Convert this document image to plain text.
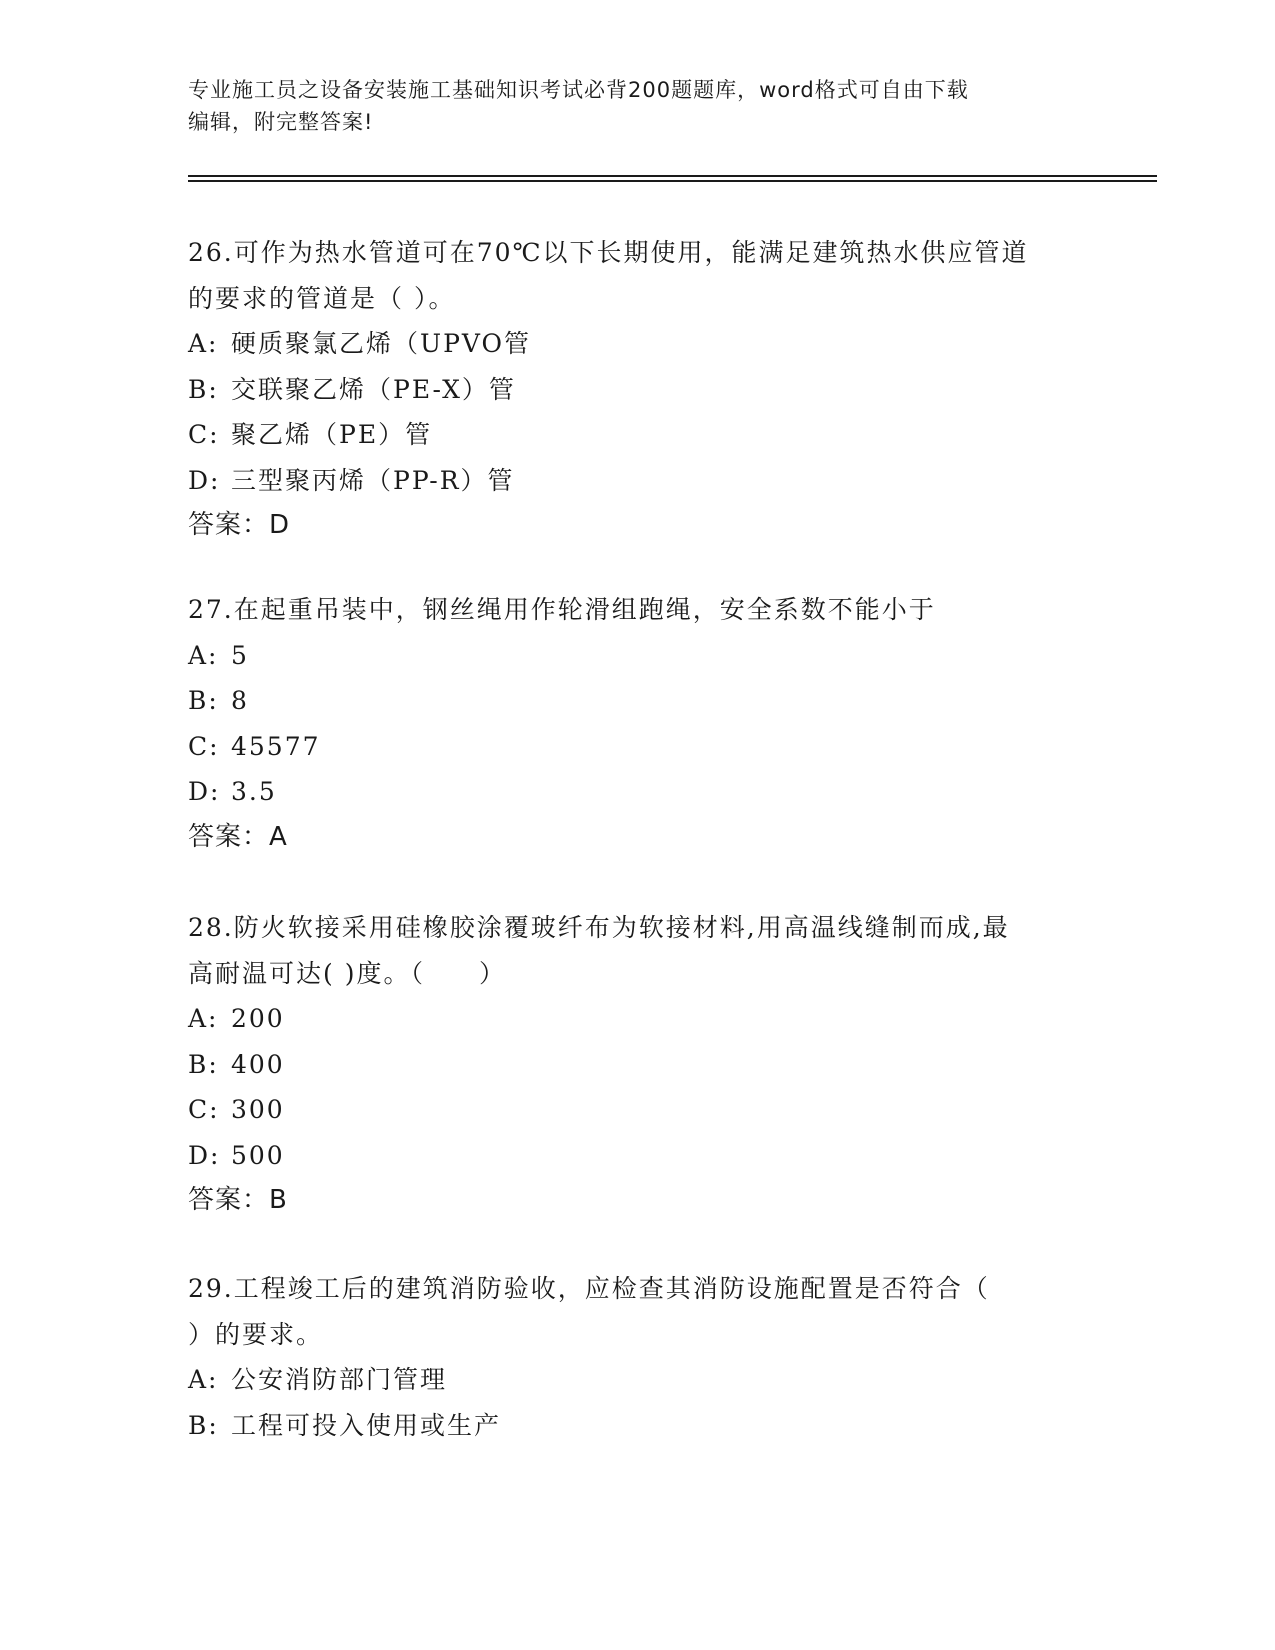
专业施工员之设备安装施工基础知识考试必背200题题库，word格式可自由下载
编辑，附完整答案!
26.可作为热水管道可在70℃以下长期使用，能满足建筑热水供应管道
的要求的管道是（ ）。
A: 硬质聚氯乙烯（UPVO管
B: 交联聚乙烯（PE-X）管
C: 聚乙烯（PE）管
D: 三型聚丙烯（PP-R）管
答案：D
27.在起重吊装中，钢丝绳用作轮滑组跑绳，安全系数不能小于
A: 5
B: 8
C: 45577
D: 3.5
答案：A
28.防火软接采用硅橡胶涂覆玻纤布为软接材料,用高温线缝制而成,最
高耐温可达( )度。（　　）
A: 200
B: 400
C: 300
D: 500
答案：B
29.工程竣工后的建筑消防验收，应检查其消防设施配置是否符合（
）的要求。
A: 公安消防部门管理
B: 工程可投入使用或生产
